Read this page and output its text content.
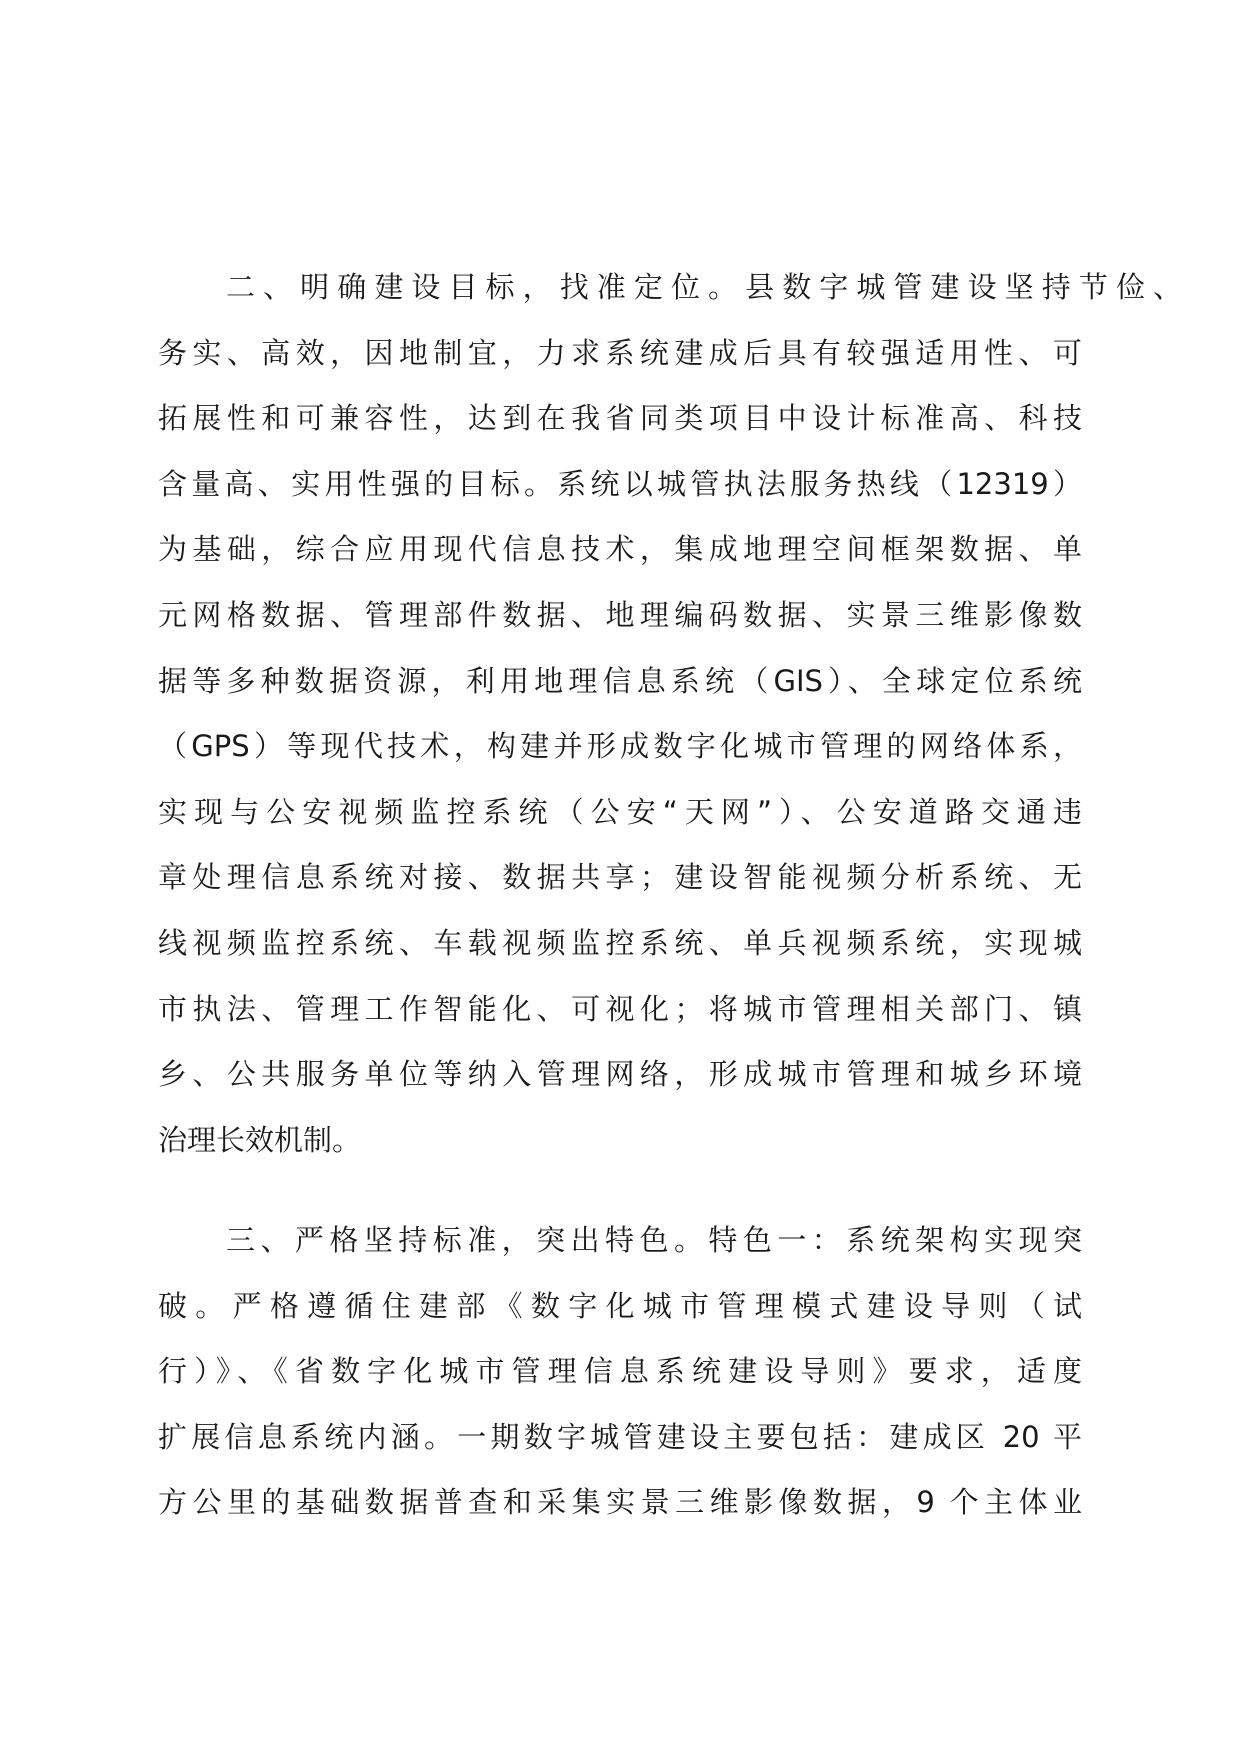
二、明确建设目标，找准定位。县数字城管建设坚持节俭、
务实、高效，因地制宜，力求系统建成后具有较强适用性、可
拓展性和可兼容性，达到在我省同类项目中设计标准高、科技
含量高、实用性强的目标。系统以城管执法服务热线（12319）
为基础，综合应用现代信息技术，集成地理空间框架数据、单
元网格数据、管理部件数据、地理编码数据、实景三维影像数
据等多种数据资源，利用地理信息系统（GIS）、全球定位系统
（GPS）等现代技术，构建并形成数字化城市管理的网络体系，
实现与公安视频监控系统（公安“天网”）、公安道路交通违
章处理信息系统对接、数据共享；建设智能视频分析系统、无
线视频监控系统、车载视频监控系统、单兵视频系统，实现城
市执法、管理工作智能化、可视化；将城市管理相关部门、镇
乡、公共服务单位等纳入管理网络，形成城市管理和城乡环境
治理长效机制。
三、严格坚持标准，突出特色。特色一：系统架构实现突
破。严格遵循住建部《数字化城市管理模式建设导则（试
行）》、《省数字化城市管理信息系统建设导则》要求，适度
扩展信息系统内涵。一期数字城管建设主要包括：建成区 20 平
方公里的基础数据普查和采集实景三维影像数据，9 个主体业
